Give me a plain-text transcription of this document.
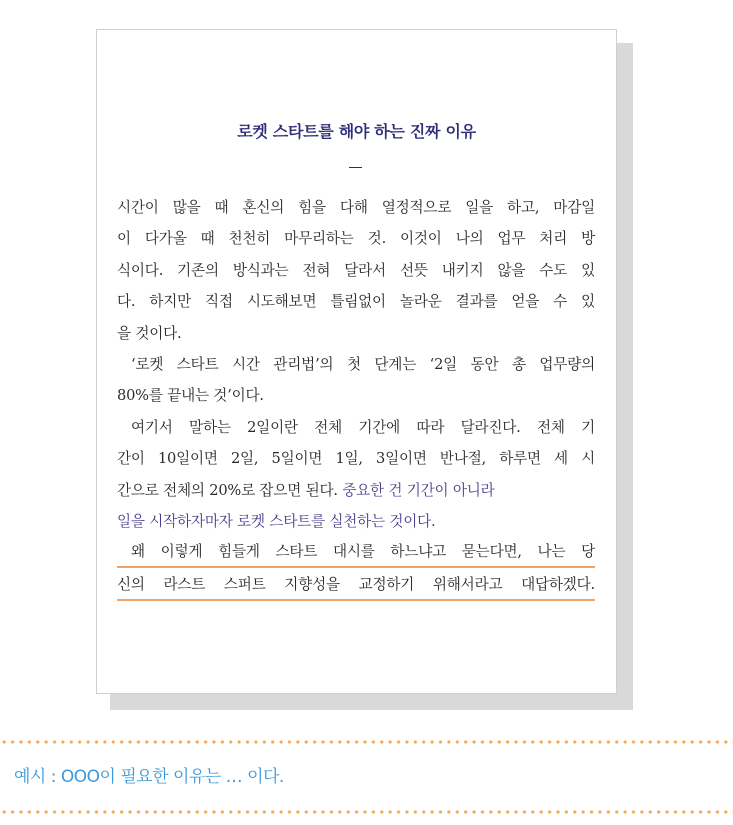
로켓 스타트를 해야 하는 진짜 이유
시간이 많을 때 혼신의 힘을 다해 열정적으로 일을 하고, 마감일
이 다가올 때 천천히 마무리하는 것. 이것이 나의 업무 처리 방
식이다. 기존의 방식과는 전혀 달라서 선뜻 내키지 않을 수도 있
다. 하지만 직접 시도해보면 틀림없이 놀라운 결과를 얻을 수 있
을 것이다.
‘로켓 스타트 시간 관리법’의 첫 단계는 ‘2일 동안 총 업무량의
80%를 끝내는 것’이다.
여기서 말하는 2일이란 전체 기간에 따라 달라진다. 전체 기
간이 10일이면 2일, 5일이면 1일, 3일이면 반나절, 하루면 세 시
간으로 전체의 20%로 잡으면 된다. 중요한 건 기간이 아니라
일을 시작하자마자 로켓 스타트를 실천하는 것이다.
왜 이렇게 힘들게 스타트 대시를 하느냐고 묻는다면, 나는 당
신의 라스트 스퍼트 지향성을 교정하기 위해서라고 대답하겠다.
예시 : OOO이 필요한 이유는 … 이다.
